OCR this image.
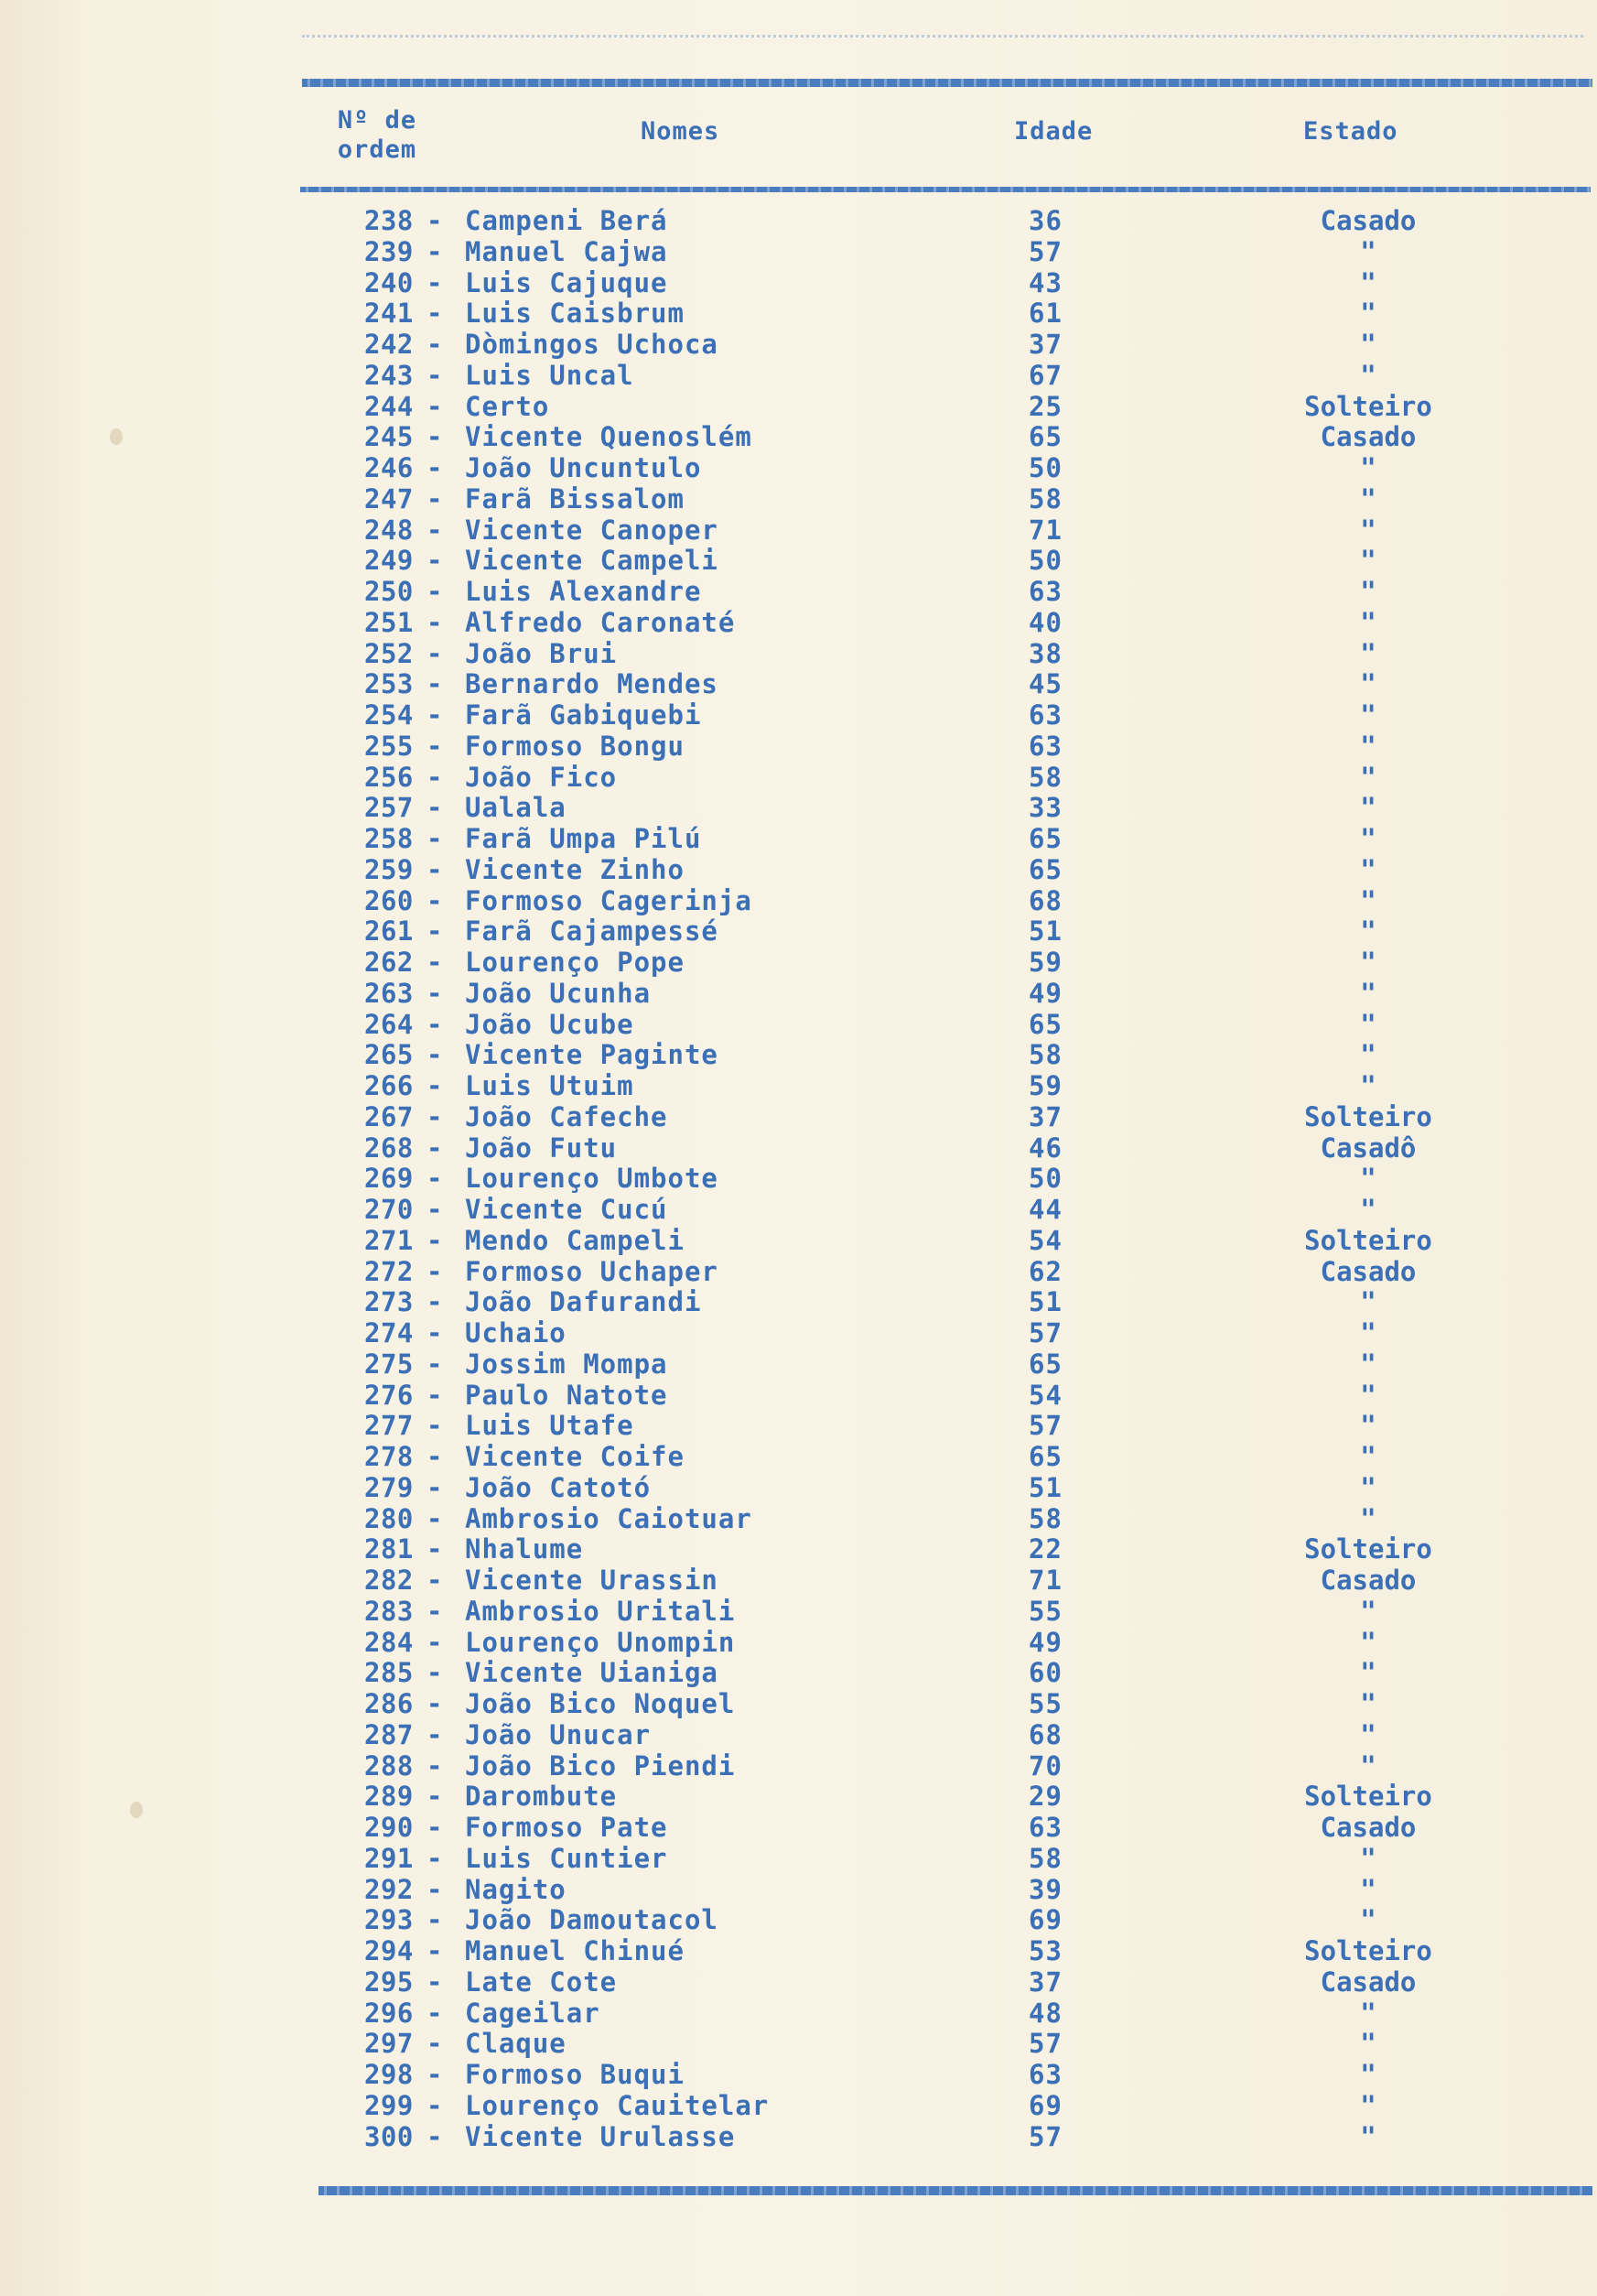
Nº de
ordem
Nomes	Idade	Estado
238 - Campeni Berá	36	Casado
239 - Manuel Cajwa	57	"
240 - Luis Cajuque	43	"
241 - Luis Caisbrum	61	"
242 - Dòmingos Uchoca	37	"
243 - Luis Uncal	67	"
244 - Certo	25	Solteiro
245 - Vicente Quenoslém	65	Casado
246 - João Uncuntulo	50	"
247 - Farã Bissalom	58	"
248 - Vicente Canoper	71	"
249 - Vicente Campeli	50	"
250 - Luis Alexandre	63	"
251 - Alfredo Caronaté	40	"
252 - João Brui	38	"
253 - Bernardo Mendes	45	"
254 - Farã Gabiquebi	63	"
255 - Formoso Bongu	63	"
256 - João Fico	58	"
257 - Ualala	33	"
258 - Farã Umpa Pilú	65	"
259 - Vicente Zinho	65	"
260 - Formoso Cagerinja	68	"
261 - Farã Cajampessé	51	"
262 - Lourenço Pope	59	"
263 - João Ucunha	49	"
264 - João Ucube	65	"
265 - Vicente Paginte	58	"
266 - Luis Utuim	59	"
267 - João Cafeche	37	Solteiro
268 - João Futu	46	Casadô
269 - Lourenço Umbote	50	"
270 - Vicente Cucú	44	"
271 - Mendo Campeli	54	Solteiro
272 - Formoso Uchaper	62	Casado
273 - João Dafurandi	51	"
274 - Uchaio	57	"
275 - Jossim Mompa	65	"
276 - Paulo Natote	54	"
277 - Luis Utafe	57	"
278 - Vicente Coife	65	"
279 - João Catotó	51	"
280 - Ambrosio Caiotuar	58	"
281 - Nhalume	22	Solteiro
282 - Vicente Urassin	71	Casado
283 - Ambrosio Uritali	55	"
284 - Lourenço Unompin	49	"
285 - Vicente Uianiga	60	"
286 - João Bico Noquel	55	"
287 - João Unucar	68	"
288 - João Bico Piendi	70	"
289 - Darombute	29	Solteiro
290 - Formoso Pate	63	Casado
291 - Luis Cuntier	58	"
292 - Nagito	39	"
293 - João Damoutacol	69	"
294 - Manuel Chinué	53	Solteiro
295 - Late Cote	37	Casado
296 - Cageilar	48	"
297 - Claque	57	"
298 - Formoso Buqui	63	"
299 - Lourenço Cauitelar	69	"
300 - Vicente Urulasse	57	"
